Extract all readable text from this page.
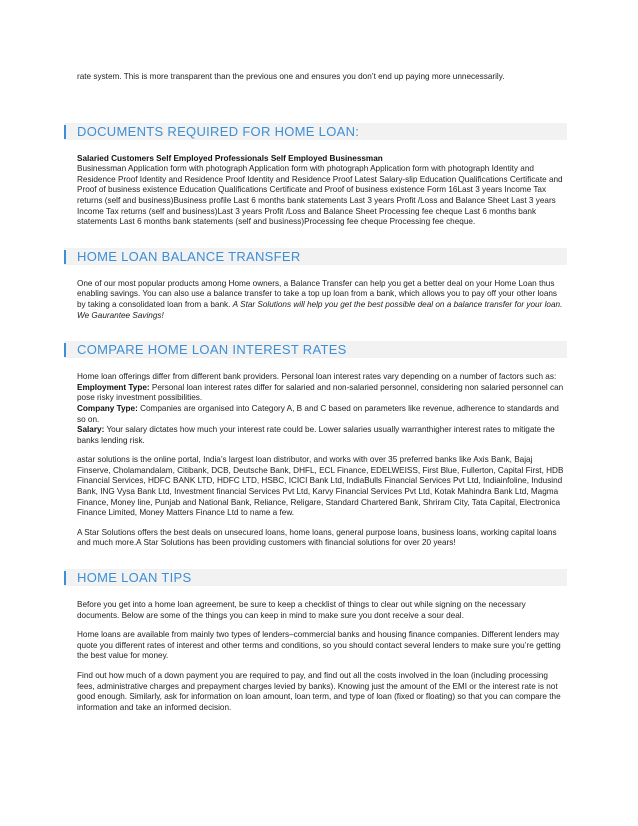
rate system. This is more transparent than the previous one and ensures you don’t end up paying more unnecessarily.

DOCUMENTS REQUIRED FOR HOME LOAN:

Salaried Customers Self Employed Professionals Self Employed Businessman
Businessman Application form with photograph Application form with photograph Application form with photograph Identity and Residence Proof Identity and Residence Proof Identity and Residence Proof Latest Salary-slip Education Qualifications Certificate and Proof of business existence Education Qualifications Certificate and Proof of business existence Form 16Last 3 years Income Tax returns (self and business)Business profile Last 6 months bank statements Last 3 years Profit /Loss and Balance Sheet Last 3 years Income Tax returns (self and business)Last 3 years Profit /Loss and Balance Sheet Processing fee cheque Last 6 months bank statements Last 6 months bank statements (self and business)Processing fee cheque Processing fee cheque.

HOME LOAN BALANCE TRANSFER

One of our most popular products among Home owners, a Balance Transfer can help you get a better deal on your Home Loan thus enabling savings. You can also use a balance transfer to take a top up loan from a bank, which allows you to pay off your other loans by taking a consolidated loan from a bank. A Star Solutions will help you get the best possible deal on a balance transfer for your loan. We Gaurantee Savings!

COMPARE HOME LOAN INTEREST RATES

Home loan offerings differ from different bank providers. Personal loan interest rates vary depending on a number of factors such as:
Employment Type: Personal loan interest rates differ for salaried and non-salaried personnel, considering non salaried personnel can pose risky investment possibilities.
Company Type: Companies are organised into Category A, B and C based on parameters like revenue, adherence to standards and so on.
Salary: Your salary dictates how much your interest rate could be. Lower salaries usually warranthigher interest rates to mitigate the banks lending risk.

astar solutions is the online portal, India’s largest loan distributor, and works with over 35 preferred banks like Axis Bank, Bajaj Finserve, Cholamandalam, Citibank, DCB, Deutsche Bank, DHFL, ECL Finance, EDELWEISS, First Blue, Fullerton, Capital First, HDB Financial Services, HDFC BANK LTD, HDFC LTD, HSBC, ICICI Bank Ltd, IndiaBulls Financial Services Pvt Ltd, Indiainfoline, Indusind Bank, ING Vysa Bank Ltd, Investment financial Services Pvt Ltd, Karvy Financial Services Pvt Ltd, Kotak Mahindra Bank Ltd, Magma Finance, Money line, Punjab and National Bank, Reliance, Religare, Standard Chartered Bank, Shriram City, Tata Capital, Electronica Finance Limited, Money Matters Finance Ltd to name a few.

A Star Solutions offers the best deals on unsecured loans, home loans, general purpose loans, business loans, working capital loans and much more.A Star Solutions has been providing customers with financial solutions for over 20 years!

HOME LOAN TIPS

Before you get into a home loan agreement, be sure to keep a checklist of things to clear out while signing on the necessary documents. Below are some of the things you can keep in mind to make sure you dont receive a sour deal.

Home loans are available from mainly two types of lenders–commercial banks and housing finance companies. Different lenders may quote you different rates of interest and other terms and conditions, so you should contact several lenders to make sure you’re getting the best value for money.

Find out how much of a down payment you are required to pay, and find out all the costs involved in the loan (including processing fees, administrative charges and prepayment charges levied by banks). Knowing just the amount of the EMI or the interest rate is not good enough. Similarly, ask for information on loan amount, loan term, and type of loan (fixed or floating) so that you can compare the information and take an informed decision.
